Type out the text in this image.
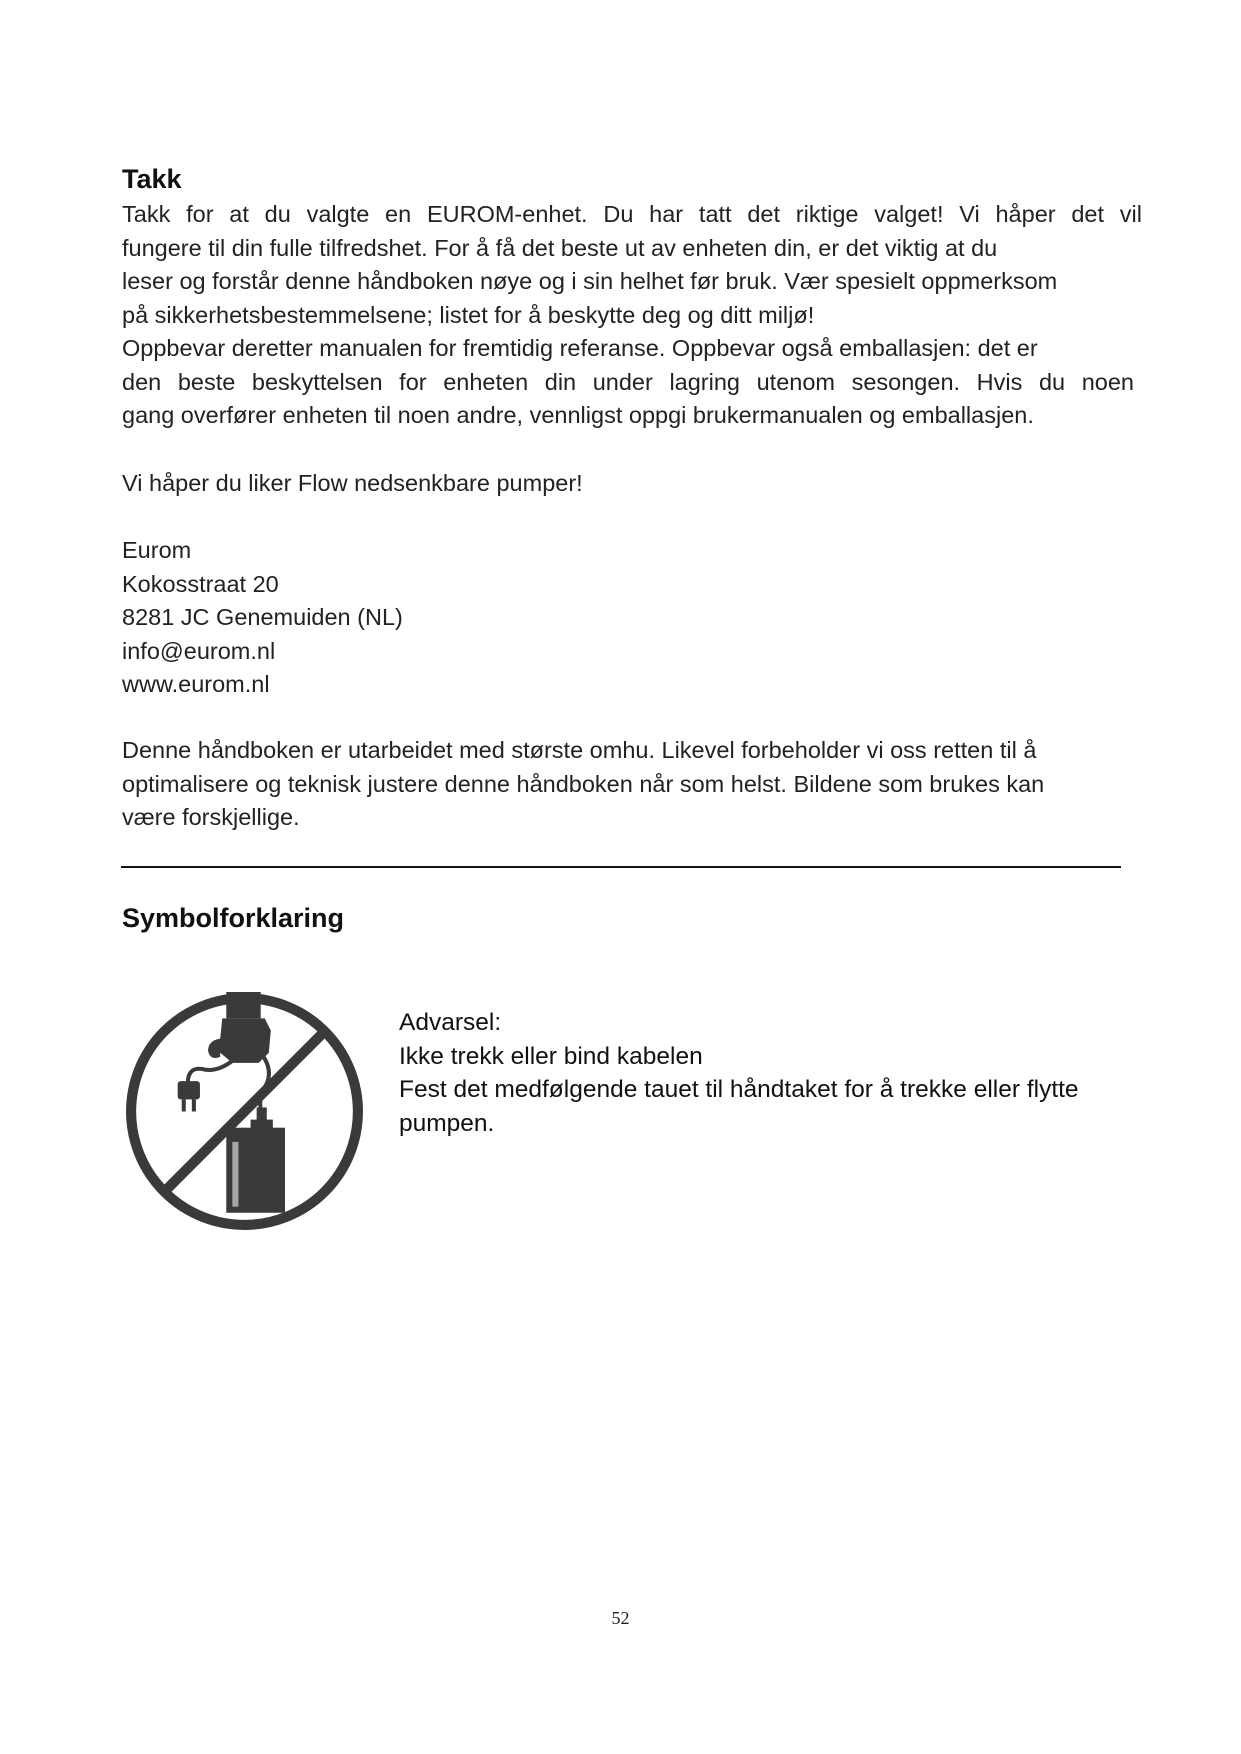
Takk

Takk for at du valgte en EUROM-enhet. Du har tatt det riktige valget! Vi håper det vil
fungere til din fulle tilfredshet. For å få det beste ut av enheten din, er det viktig at du
leser og forstår denne håndboken nøye og i sin helhet før bruk. Vær spesielt oppmerksom
på sikkerhetsbestemmelsene; listet for å beskytte deg og ditt miljø!
Oppbevar deretter manualen for fremtidig referanse. Oppbevar også emballasjen: det er
den beste beskyttelsen for enheten din under lagring utenom sesongen. Hvis du noen
gang overfører enheten til noen andre, vennligst oppgi brukermanualen og emballasjen.

Vi håper du liker Flow nedsenkbare pumper!

Eurom
Kokosstraat 20
8281 JC Genemuiden (NL)
info@eurom.nl
www.eurom.nl

Denne håndboken er utarbeidet med største omhu. Likevel forbeholder vi oss retten til å
optimalisere og teknisk justere denne håndboken når som helst. Bildene som brukes kan
være forskjellige.

Symbolforklaring

Advarsel:
Ikke trekk eller bind kabelen
Fest det medfølgende tauet til håndtaket for å trekke eller flytte
pumpen.

52
